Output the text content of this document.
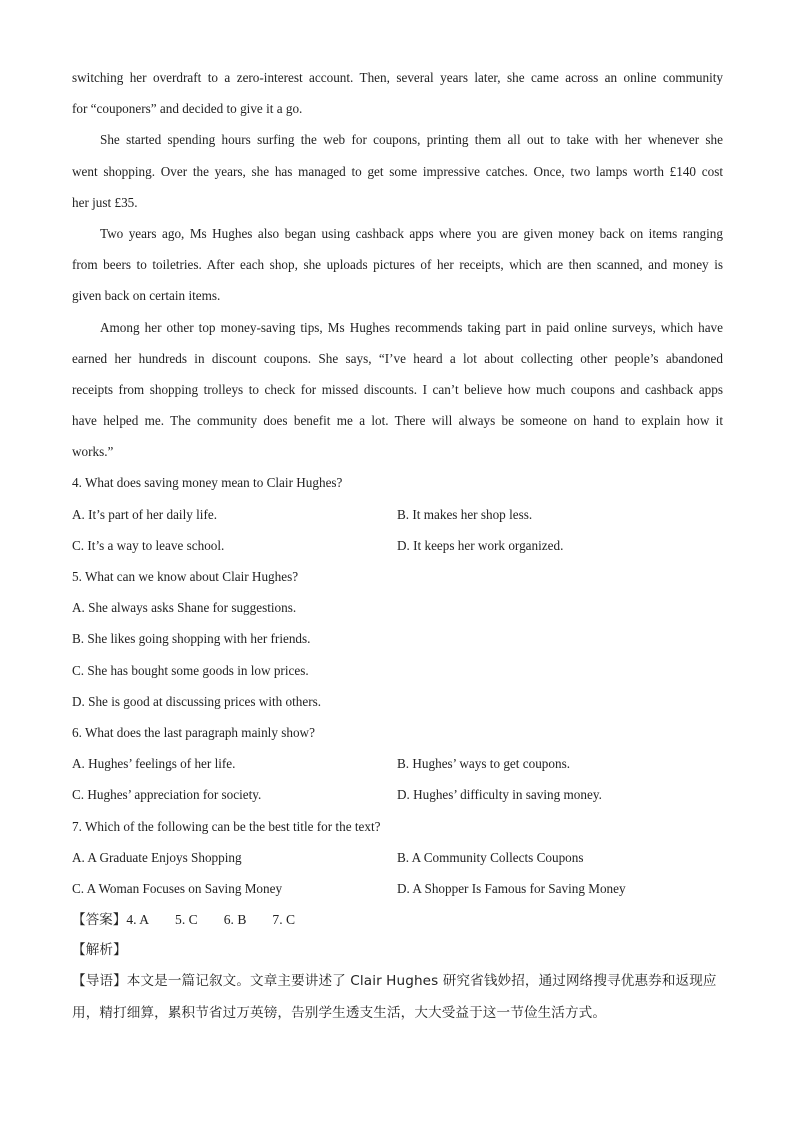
switching her overdraft to a zero-interest account. Then, several years later, she came across an online community
for “couponers” and decided to give it a go.
She started spending hours surfing the web for coupons, printing them all out to take with her whenever she
went shopping. Over the years, she has managed to get some impressive catches. Once, two lamps worth £140 cost
her just £35.
Two years ago, Ms Hughes also began using cashback apps where you are given money back on items ranging
from beers to toiletries. After each shop, she uploads pictures of her receipts, which are then scanned, and money is
given back on certain items.
Among her other top money-saving tips, Ms Hughes recommends taking part in paid online surveys, which have
earned her hundreds in discount coupons. She says, “I’ve heard a lot about collecting other people’s abandoned
receipts from shopping trolleys to check for missed discounts. I can’t believe how much coupons and cashback apps
have helped me. The community does benefit me a lot. There will always be someone on hand to explain how it
works.”
4. What does saving money mean to Clair Hughes?
A. It’s part of her daily life.	B. It makes her shop less.
C. It’s a way to leave school.	D. It keeps her work organized.
5. What can we know about Clair Hughes?
A. She always asks Shane for suggestions.
B. She likes going shopping with her friends.
C. She has bought some goods in low prices.
D. She is good at discussing prices with others.
6. What does the last paragraph mainly show?
A. Hughes’ feelings of her life.	B. Hughes’ ways to get coupons.
C. Hughes’ appreciation for society.	D. Hughes’ difficulty in saving money.
7. Which of the following can be the best title for the text?
A. A Graduate Enjoys Shopping	B. A Community Collects Coupons
C. A Woman Focuses on Saving Money	D. A Shopper Is Famous for Saving Money
【答案】4. A 5. C 6. B 7. C
【解析】
【导语】本文是一篇记叙文。文章主要讲述了 Clair Hughes 研究省钱妙招，通过网络搜寻优惠券和返现应
用，精打细算，累积节省过万英镑，告别学生透支生活，大大受益于这一节俭生活方式。
